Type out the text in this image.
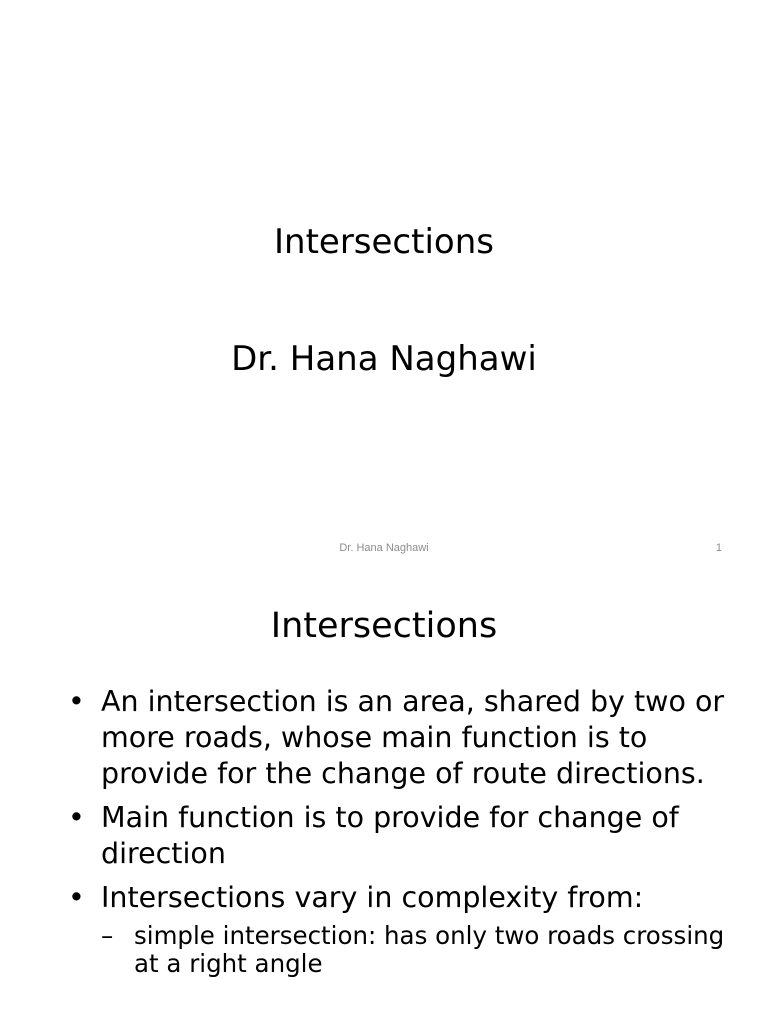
Intersections
Dr. Hana Naghawi
Dr. Hana Naghawi	1
Intersections
• An intersection is an area, shared by two or more roads, whose main function is to provide for the change of route directions.
• Main function is to provide for change of direction
• Intersections vary in complexity from:
– simple intersection: has only two roads crossing at a right angle
